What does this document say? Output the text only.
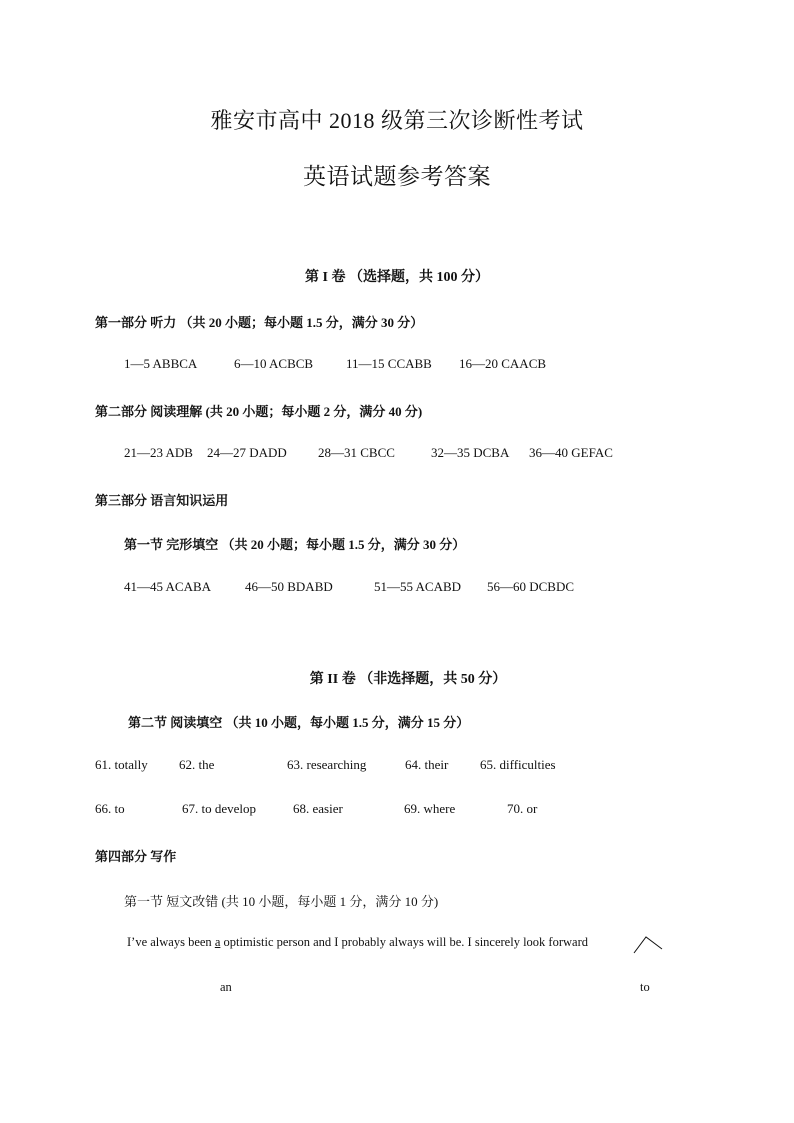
雅安市高中 2018 级第三次诊断性考试
英语试题参考答案
第 I 卷 （选择题，共 100 分）
第一部分 听力 （共 20 小题；每小题 1.5 分，满分 30 分）
1—5 ABBCA	6—10 ACBCB	11—15 CCABB 16—20 CAACB
第二部分 阅读理解 (共 20 小题；每小题 2 分，满分 40 分)
21—23 ADB 24—27 DADD 28—31 CBCC	32—35 DCBA 36—40 GEFAC
第三部分 语言知识运用
第一节 完形填空 （共 20 小题；每小题 1.5 分，满分 30 分）
41—45 ACABA	46—50 BDABD	51—55 ACABD 56—60 DCBDC
第 II 卷 （非选择题，共 50 分）
第二节 阅读填空 （共 10 小题，每小题 1.5 分，满分 15 分）
61. totally 62. the	63. researching	64. their 65. difficulties
66. to	67. to develop	68. easier	69. where	70. or
第四部分 写作
第一节 短文改错 (共 10 小题，每小题 1 分，满分 10 分)
I’ve always been a optimistic person and I probably always will be. I sincerely look forward
an	to
